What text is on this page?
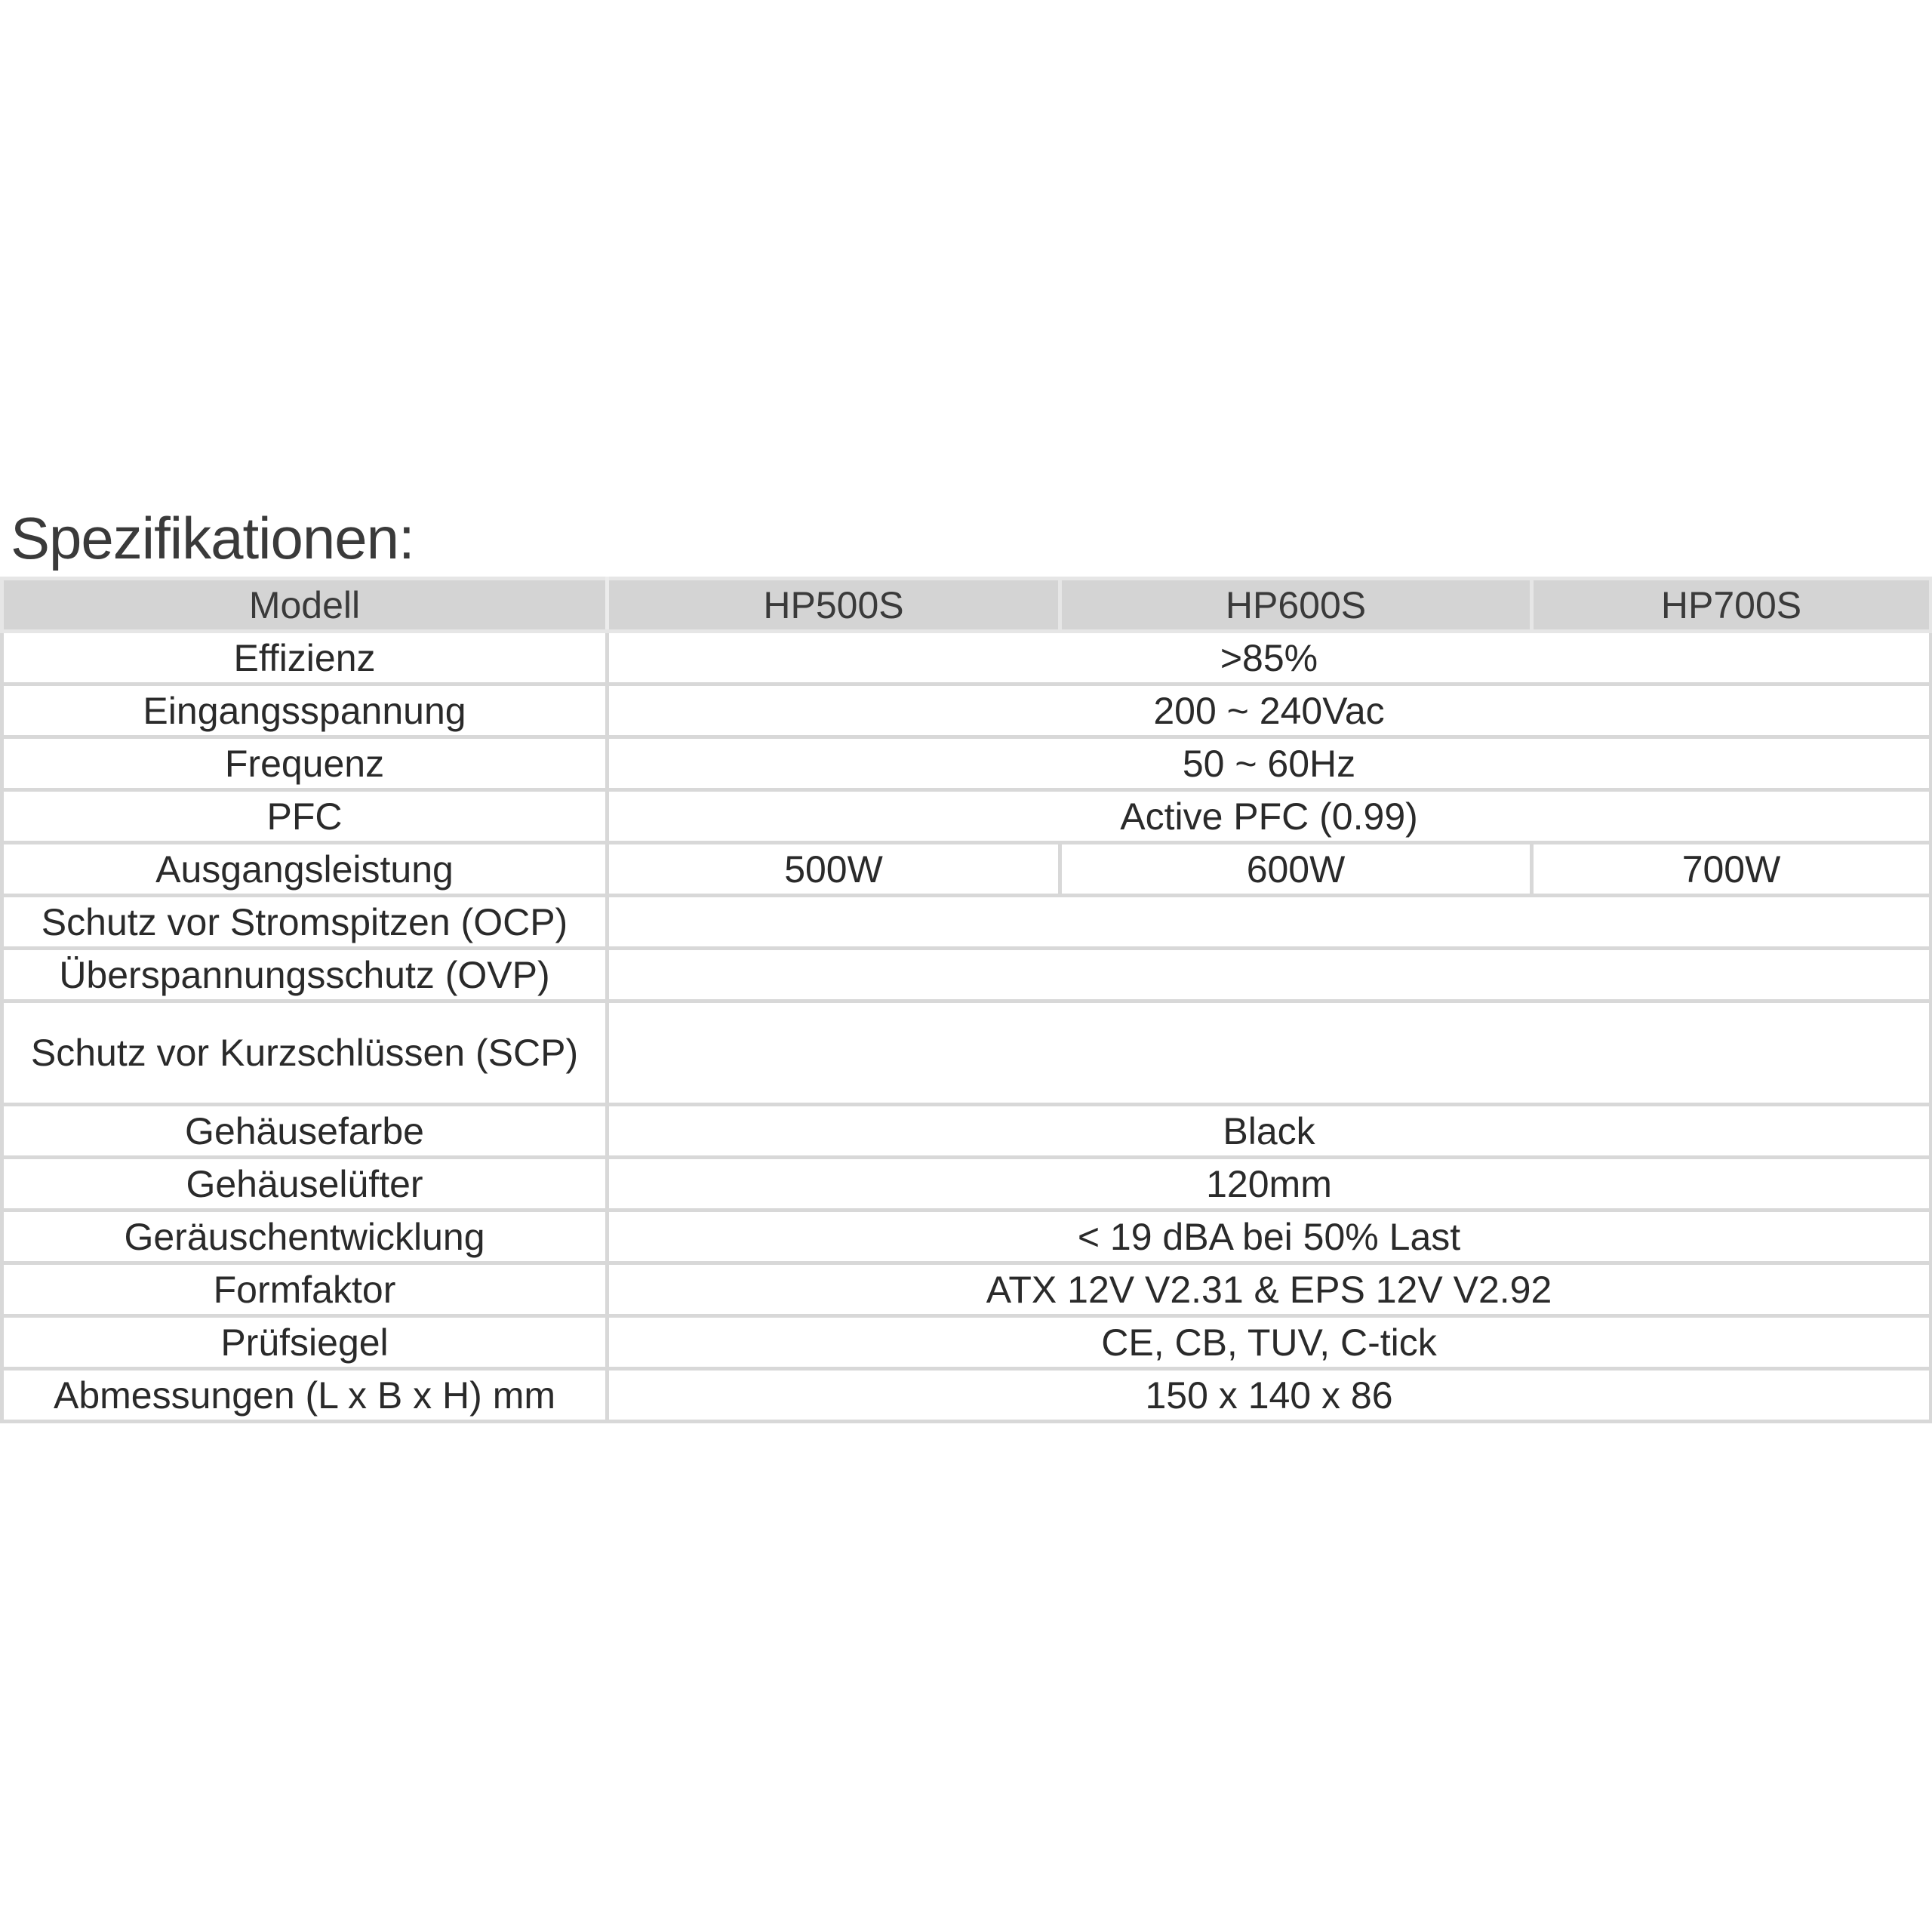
Spezifikationen:
Modell	HP500S	HP600S	HP700S
Effizienz	>85%		
Eingangsspannung	200 ~ 240Vac		
Frequenz	50 ~ 60Hz		
PFC	Active PFC (0.99)		
Ausgangsleistung	500W	600W	700W
Schutz vor Stromspitzen (OCP)			
Überspannungsschutz (OVP)			
Schutz vor Kurzschlüssen (SCP)			
Gehäusefarbe	Black		
Gehäuselüfter	120mm		
Geräuschentwicklung	< 19 dBA bei 50% Last		
Formfaktor	ATX 12V V2.31 & EPS 12V V2.92		
Prüfsiegel	CE, CB, TUV, C-tick		
Abmessungen (L x B x H) mm	150 x 140 x 86		
